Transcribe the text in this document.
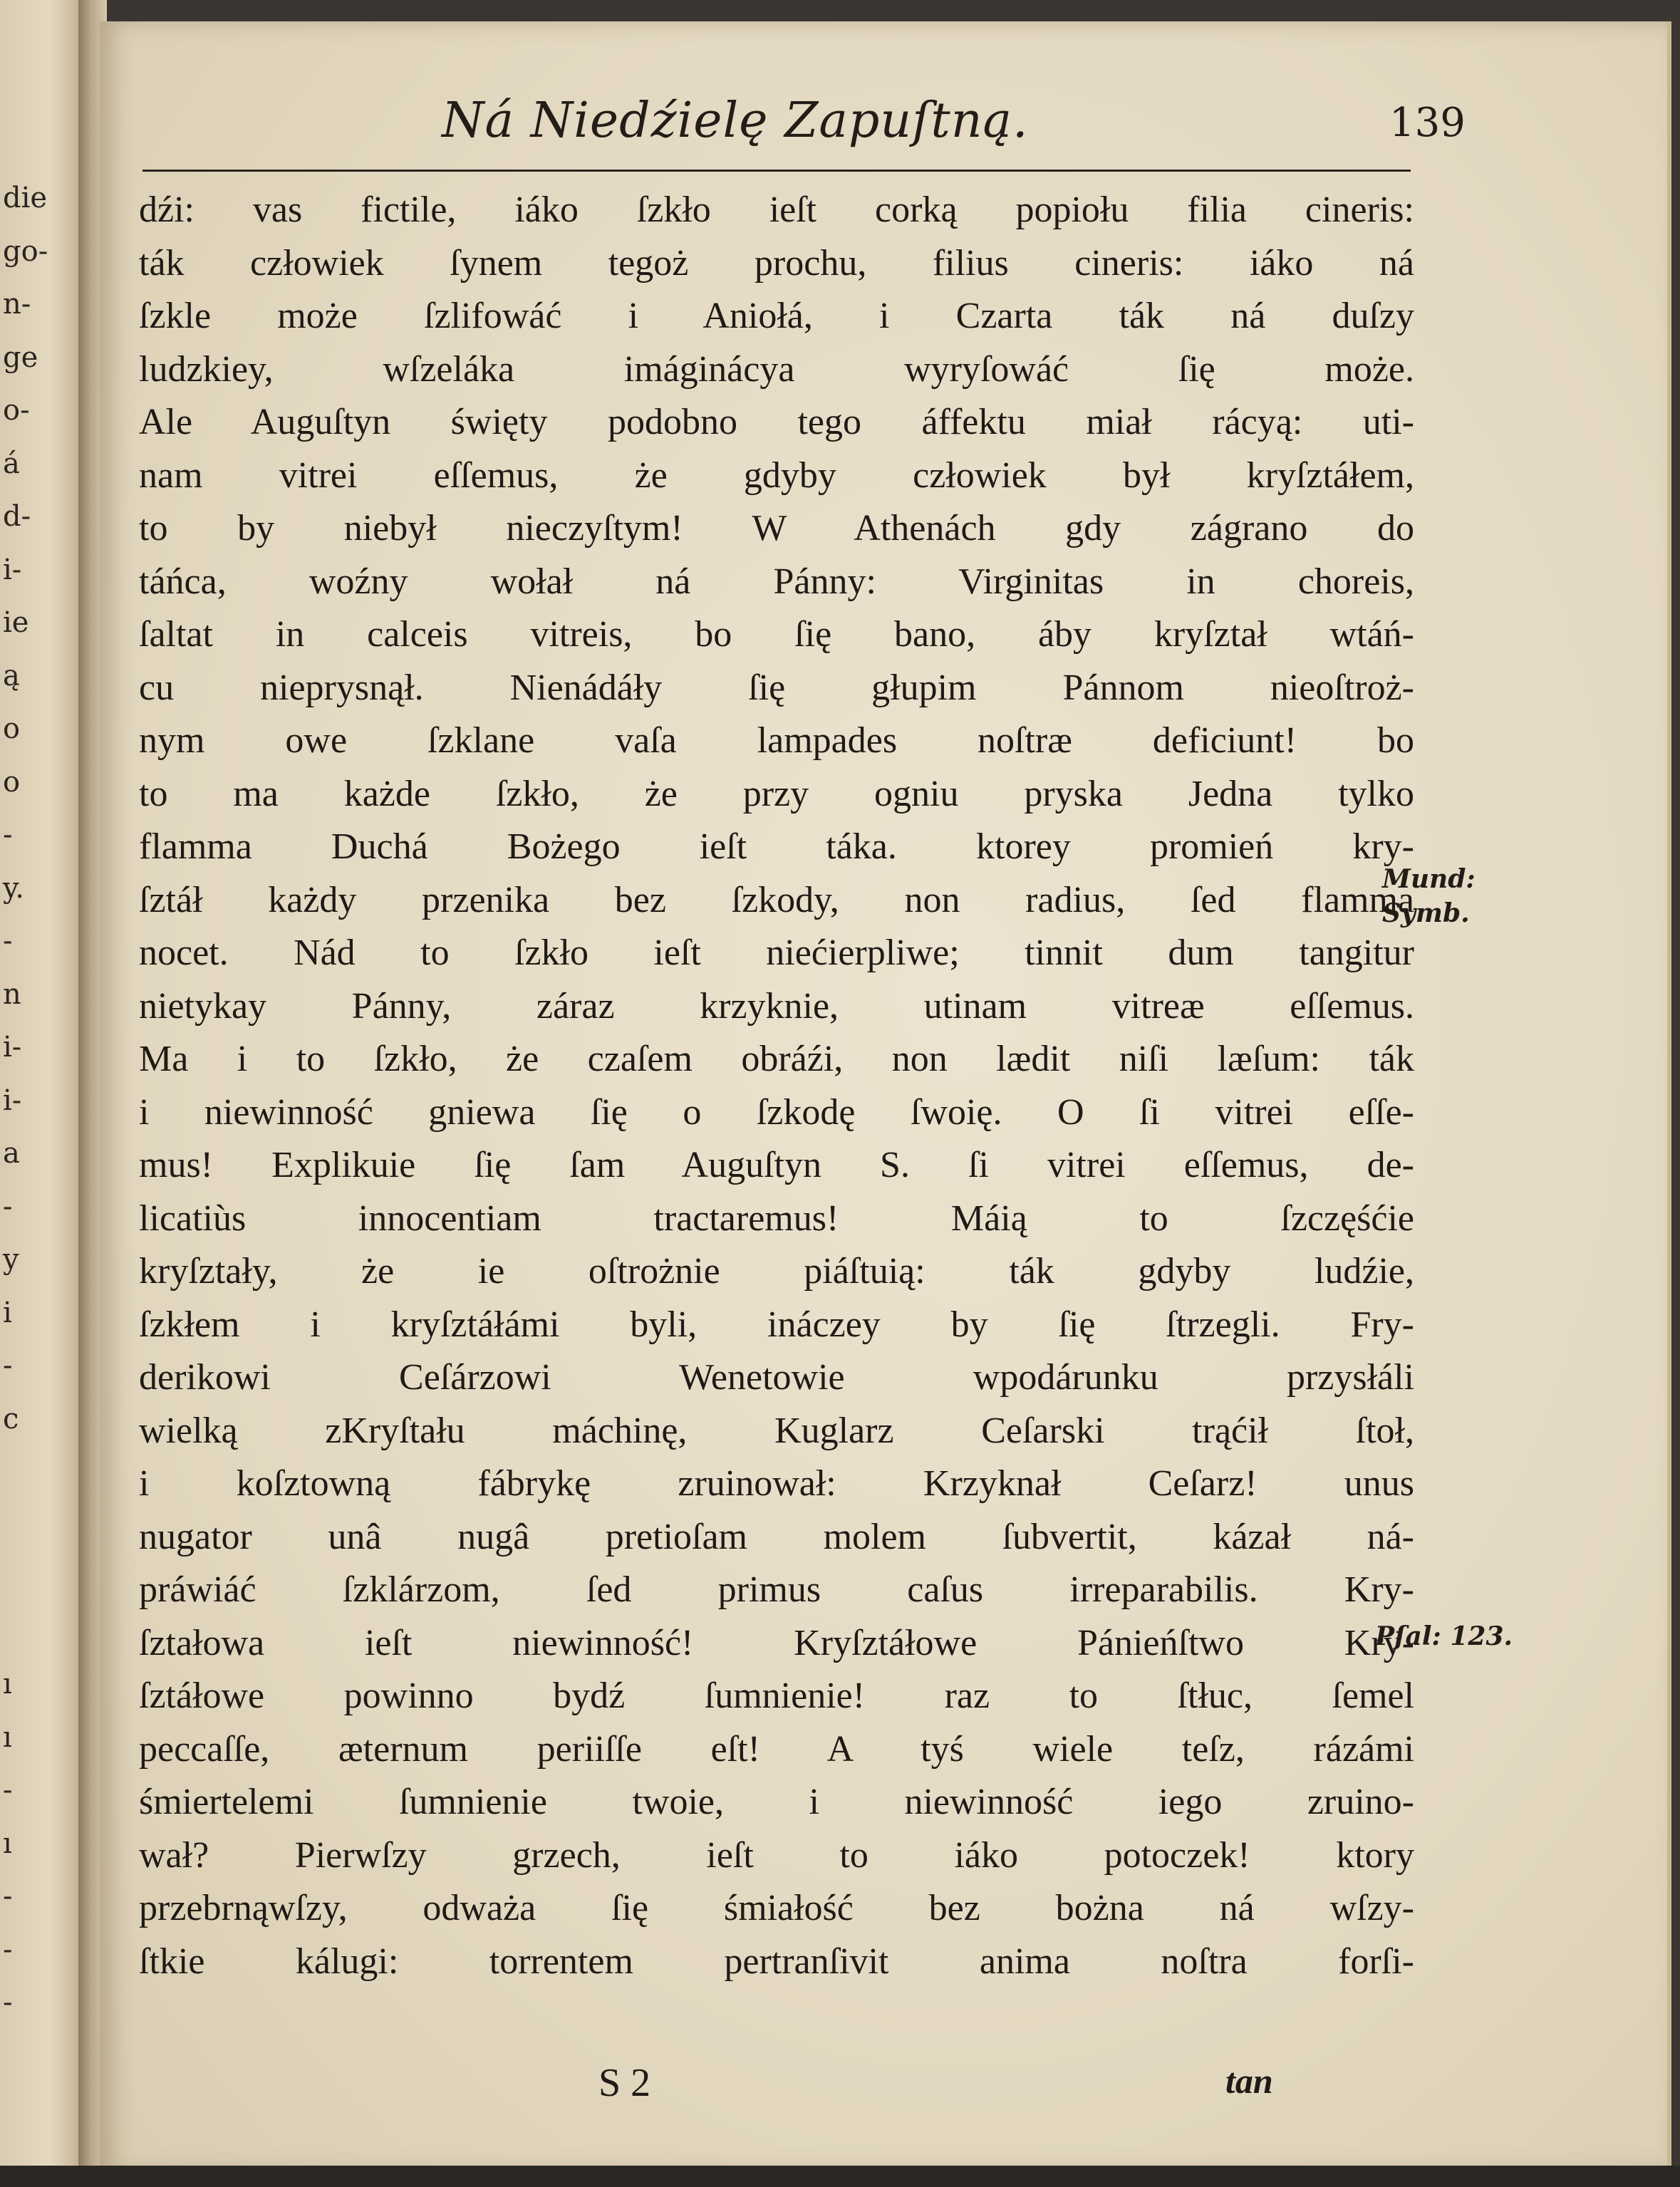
die
go-
n-
ge
o-
á
d-
i-
ie
ą
o
o
-
y.
-
n
i-
i-
a
-
y
i
-
c
ı
ı
-
ı
-
-
-
Ná Niedźielę Zapuſtną.	139
dźi: vas fictile, iáko ſzkło ieſt corką popiołu filia cineris:
ták człowiek ſynem tegoż prochu, filius cineris: iáko ná
ſzkle może ſzlifowáć i Aniołá, i Czarta ták ná duſzy
ludzkiey, wſzeláka imáginácya wyryſowáć ſię może.
Ale Auguſtyn święty podobno tego áffektu miał rácyą: uti-
nam vitrei eſſemus, że gdyby człowiek był kryſztáłem,
to by niebył nieczyſtym! W Athenách gdy zágrano do
táńca, woźny wołał ná Pánny: Virginitas in choreis,
ſaltat in calceis vitreis, bo ſię bano, áby kryſztał wtáń-
cu nieprysnął. Nienádáły ſię głupim Pánnom nieoſtroż-
nym owe ſzklane vaſa lampades noſtræ deficiunt! bo
to ma każde ſzkło, że przy ogniu pryska Jedna tylko
flamma Duchá Bożego ieſt táka. ktorey promień kry-
ſztáł każdy przenika bez ſzkody, non radius, ſed flamma
nocet. Nád to ſzkło ieſt niećierpliwe; tinnit dum tangitur
nietykay Pánny, záraz krzyknie, utinam vitreæ eſſemus.
Ma i to ſzkło, że czaſem obráźi, non lædit niſi læſum: ták
i niewinność gniewa ſię o ſzkodę ſwoię. O ſi vitrei eſſe-
mus! Explikuie ſię ſam Auguſtyn S. ſi vitrei eſſemus, de-
licatiùs innocentiam tractaremus! Máią to ſzczęśćie
kryſztały, że ie oſtrożnie piáſtuią: ták gdyby ludźie,
ſzkłem i kryſztáłámi byli, ináczey by ſię ſtrzegli. Fry-
derikowi Ceſárzowi Wenetowie wpodárunku przysłáli
wielką zKryſtału máchinę, Kuglarz Ceſarski trąćił ſtoł,
i koſztowną fábrykę zruinował: Krzyknał Ceſarz! unus
nugator unâ nugâ pretioſam molem ſubvertit, kázał ná-
práwiáć ſzklárzom, ſed primus caſus irreparabilis. Kry-
ſztałowa ieſt niewinność! Kryſztáłowe Pánieńſtwo Kry-
ſztáłowe powinno bydź ſumnienie! raz to ſtłuc, ſemel
peccaſſe, æternum periiſſe eſt! A tyś wiele teſz, rázámi
śmiertelemi ſumnienie twoie, i niewinność iego zruino-
wał? Pierwſzy grzech, ieſt to iáko potoczek! ktory
przebrnąwſzy, odważa ſię śmiałość bez bożna ná wſzy-
ſtkie kálugi: torrentem pertranſivit anima noſtra forſi-
Mund:
Symb.
Pſal: 123.
S 2	tan
